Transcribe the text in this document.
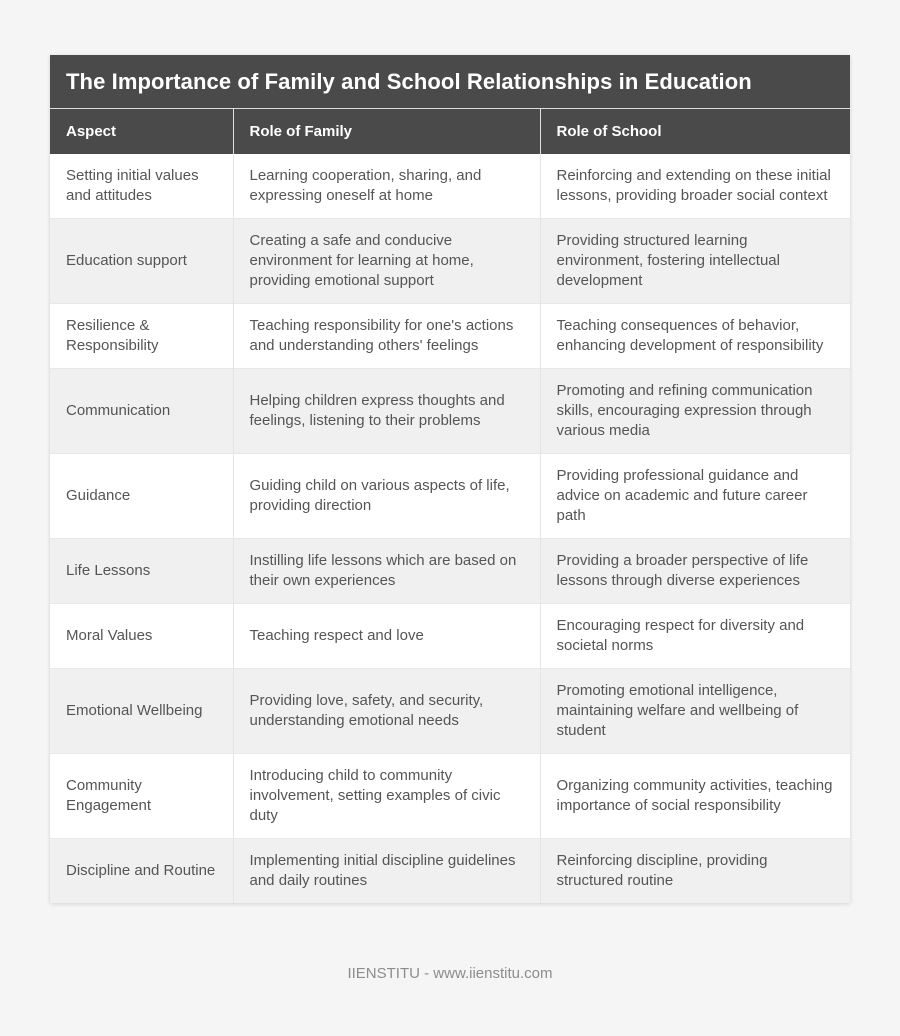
The Importance of Family and School Relationships in Education
Aspect	Role of Family	Role of School
Setting initial values and attitudes	Learning cooperation, sharing, and expressing oneself at home	Reinforcing and extending on these initial lessons, providing broader social context
Education support	Creating a safe and conducive environment for learning at home, providing emotional support	Providing structured learning environment, fostering intellectual development
Resilience & Responsibility	Teaching responsibility for one's actions and understanding others' feelings	Teaching consequences of behavior, enhancing development of responsibility
Communication	Helping children express thoughts and feelings, listening to their problems	Promoting and refining communication skills, encouraging expression through various media
Guidance	Guiding child on various aspects of life, providing direction	Providing professional guidance and advice on academic and future career path
Life Lessons	Instilling life lessons which are based on their own experiences	Providing a broader perspective of life lessons through diverse experiences
Moral Values	Teaching respect and love	Encouraging respect for diversity and societal norms
Emotional Wellbeing	Providing love, safety, and security, understanding emotional needs	Promoting emotional intelligence, maintaining welfare and wellbeing of student
Community Engagement	Introducing child to community involvement, setting examples of civic duty	Organizing community activities, teaching importance of social responsibility
Discipline and Routine	Implementing initial discipline guidelines and daily routines	Reinforcing discipline, providing structured routine
IIENSTITU - www.iienstitu.com
